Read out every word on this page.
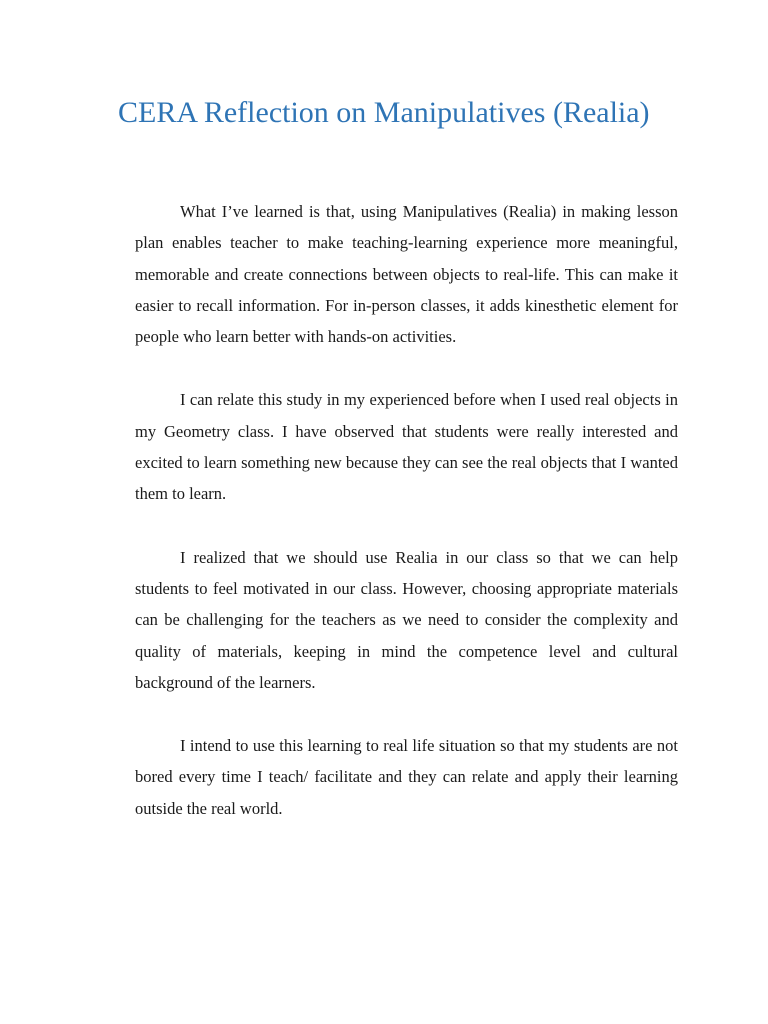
CERA Reflection on Manipulatives (Realia)

What I’ve learned is that, using Manipulatives (Realia) in making lesson plan enables teacher to make teaching-learning experience more meaningful, memorable and create connections between objects to real-life. This can make it easier to recall information. For in-person classes, it adds kinesthetic element for people who learn better with hands-on activities.

I can relate this study in my experienced before when I used real objects in my Geometry class. I have observed that students were really interested and excited to learn something new because they can see the real objects that I wanted them to learn.

I realized that we should use Realia in our class so that we can help students to feel motivated in our class. However, choosing appropriate materials can be challenging for the teachers as we need to consider the complexity and quality of materials, keeping in mind the competence level and cultural background of the learners.

I intend to use this learning to real life situation so that my students are not bored every time I teach/ facilitate and they can relate and apply their learning outside the real world.
